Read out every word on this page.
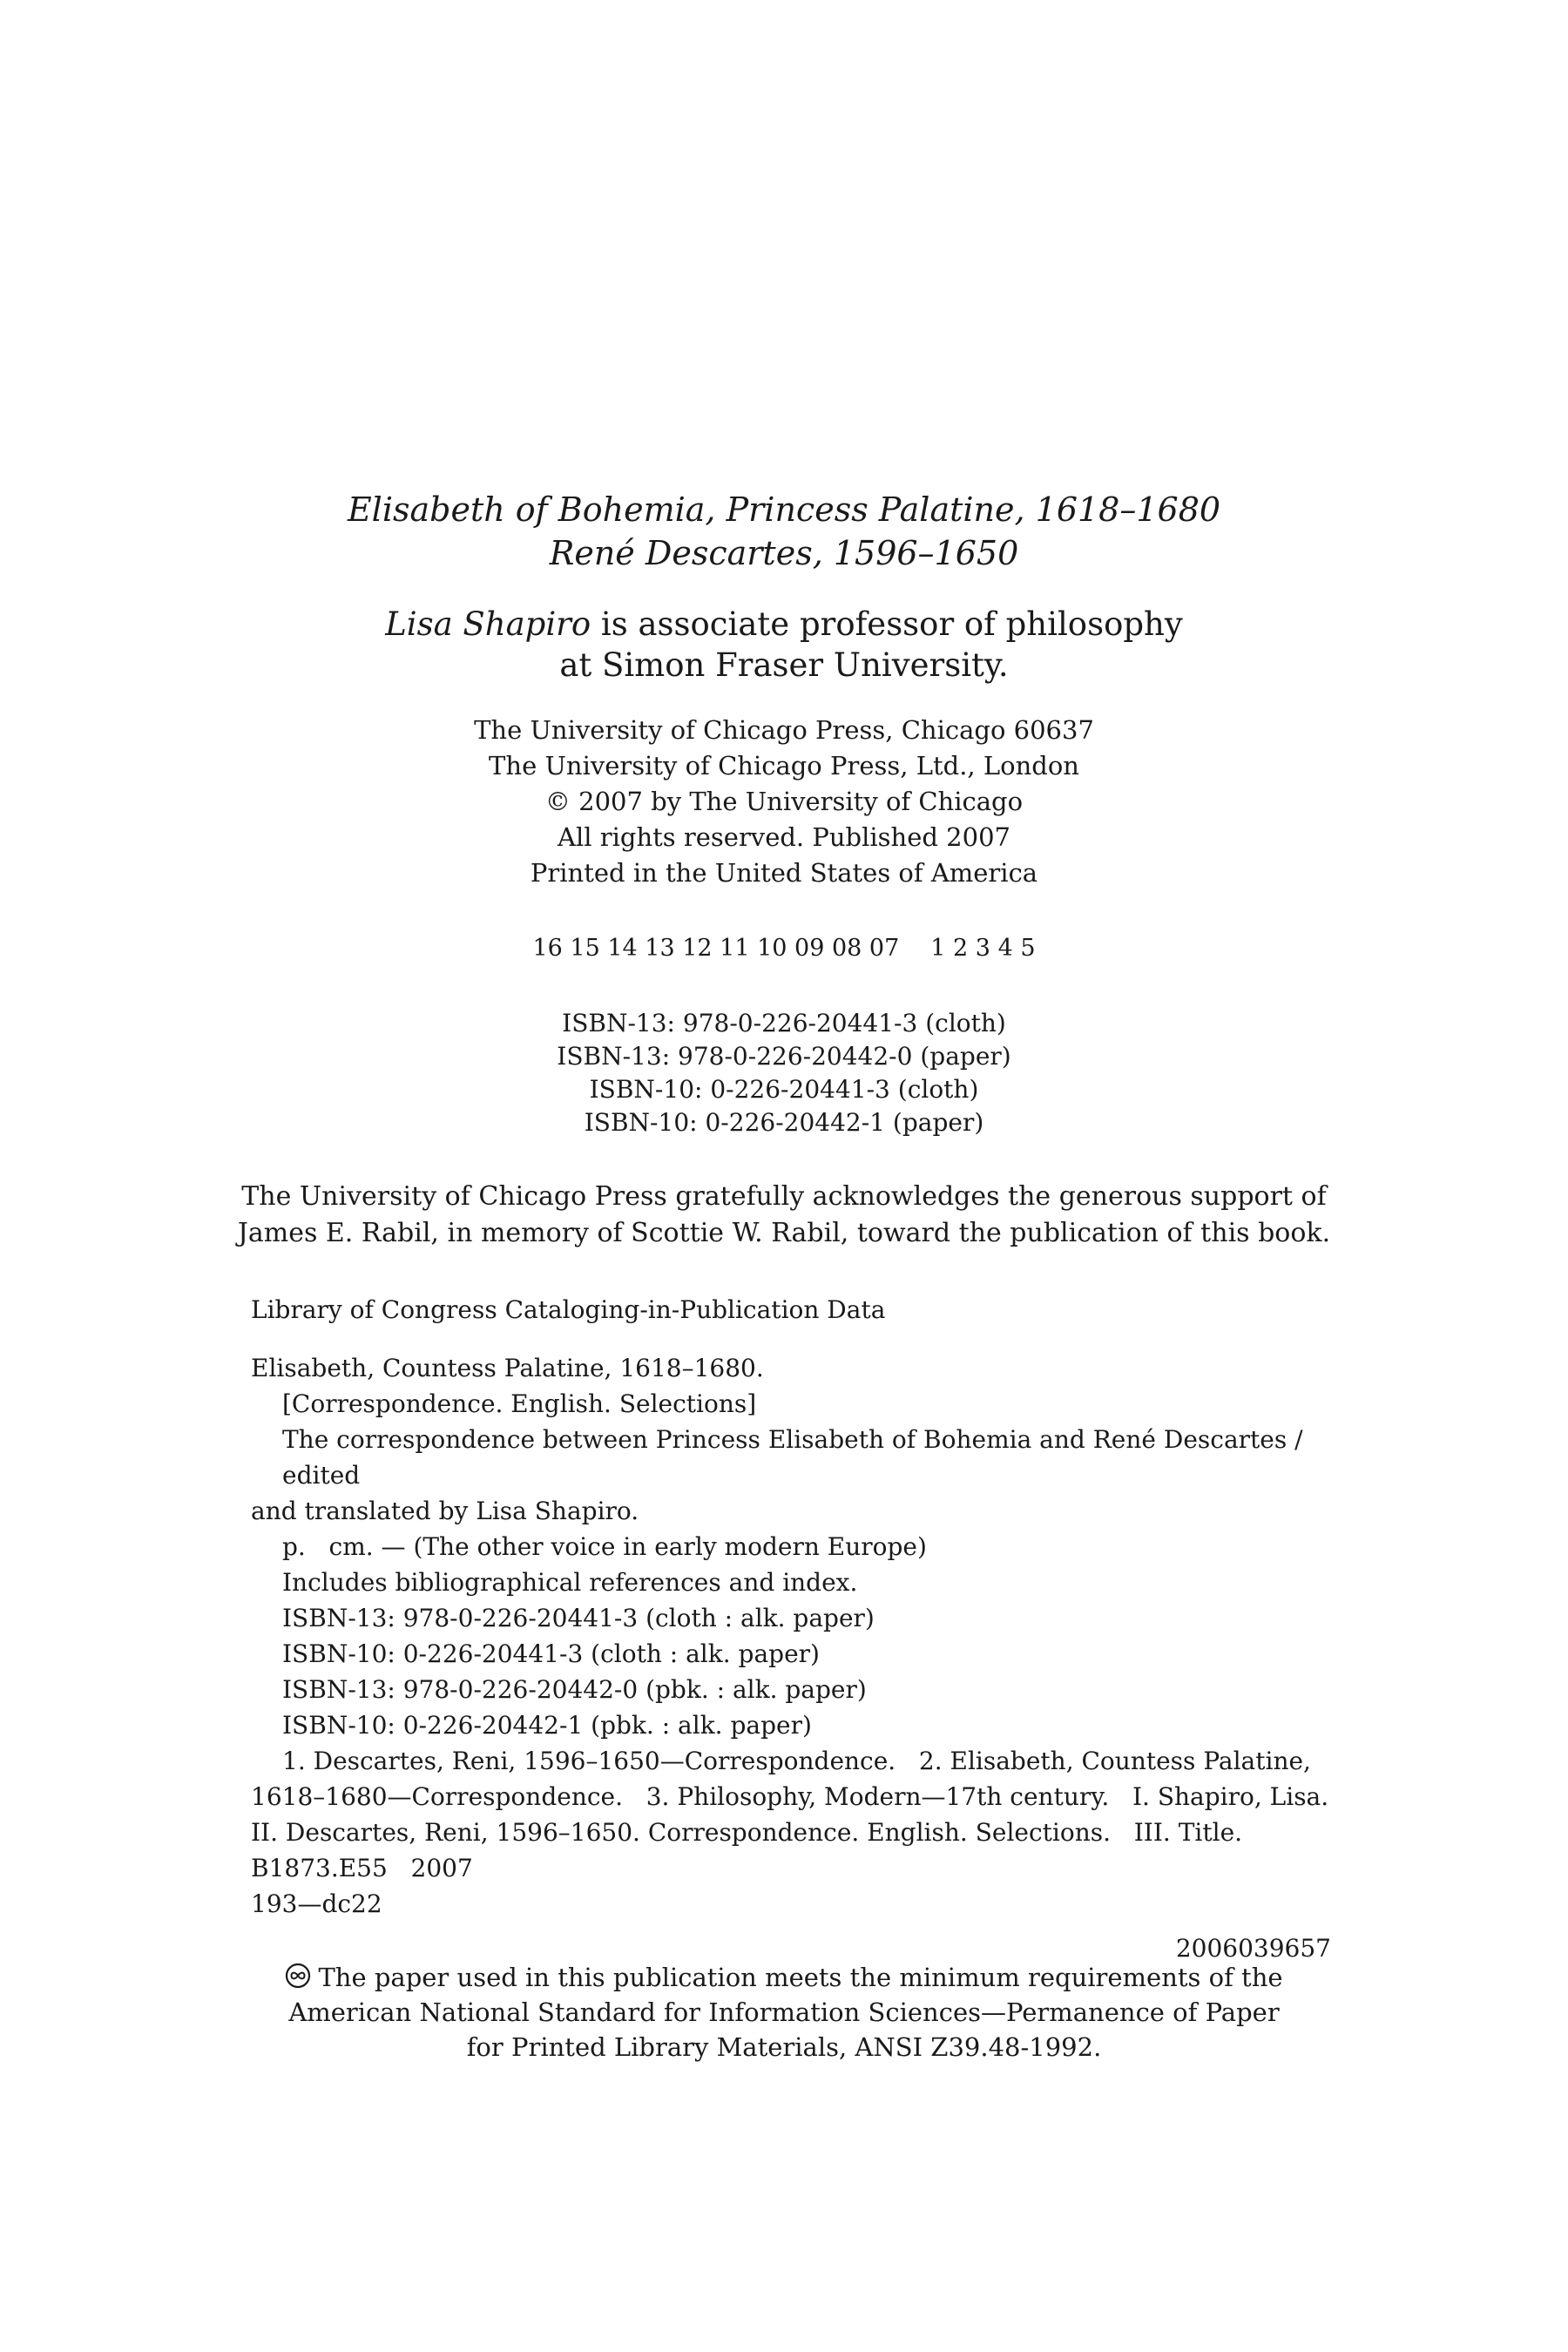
Elisabeth of Bohemia, Princess Palatine, 1618–1680
René Descartes, 1596–1650
Lisa Shapiro is associate professor of philosophy
at Simon Fraser University.
The University of Chicago Press, Chicago 60637
The University of Chicago Press, Ltd., London
© 2007 by The University of Chicago
All rights reserved. Published 2007
Printed in the United States of America
16 15 14 13 12 11 10 09 08 07 1 2 3 4 5
ISBN-13: 978-0-226-20441-3 (cloth)
ISBN-13: 978-0-226-20442-0 (paper)
ISBN-10: 0-226-20441-3 (cloth)
ISBN-10: 0-226-20442-1 (paper)
The University of Chicago Press gratefully acknowledges the generous support of
James E. Rabil, in memory of Scottie W. Rabil, toward the publication of this book.
Library of Congress Cataloging-in-Publication Data
Elisabeth, Countess Palatine, 1618–1680.
[Correspondence. English. Selections]
The correspondence between Princess Elisabeth of Bohemia and René Descartes / edited
and translated by Lisa Shapiro.
p.   cm. — (The other voice in early modern Europe)
Includes bibliographical references and index.
ISBN-13: 978-0-226-20441-3 (cloth : alk. paper)
ISBN-10: 0-226-20441-3 (cloth : alk. paper)
ISBN-13: 978-0-226-20442-0 (pbk. : alk. paper)
ISBN-10: 0-226-20442-1 (pbk. : alk. paper)
1. Descartes, Reni, 1596–1650—Correspondence.   2. Elisabeth, Countess Palatine,
1618–1680—Correspondence.   3. Philosophy, Modern—17th century.   I. Shapiro, Lisa.
II. Descartes, Reni, 1596–1650. Correspondence. English. Selections.   III. Title.
B1873.E55   2007
193—dc22
2006039657
The paper used in this publication meets the minimum requirements of the
American National Standard for Information Sciences—Permanence of Paper
for Printed Library Materials, ANSI Z39.48-1992.
